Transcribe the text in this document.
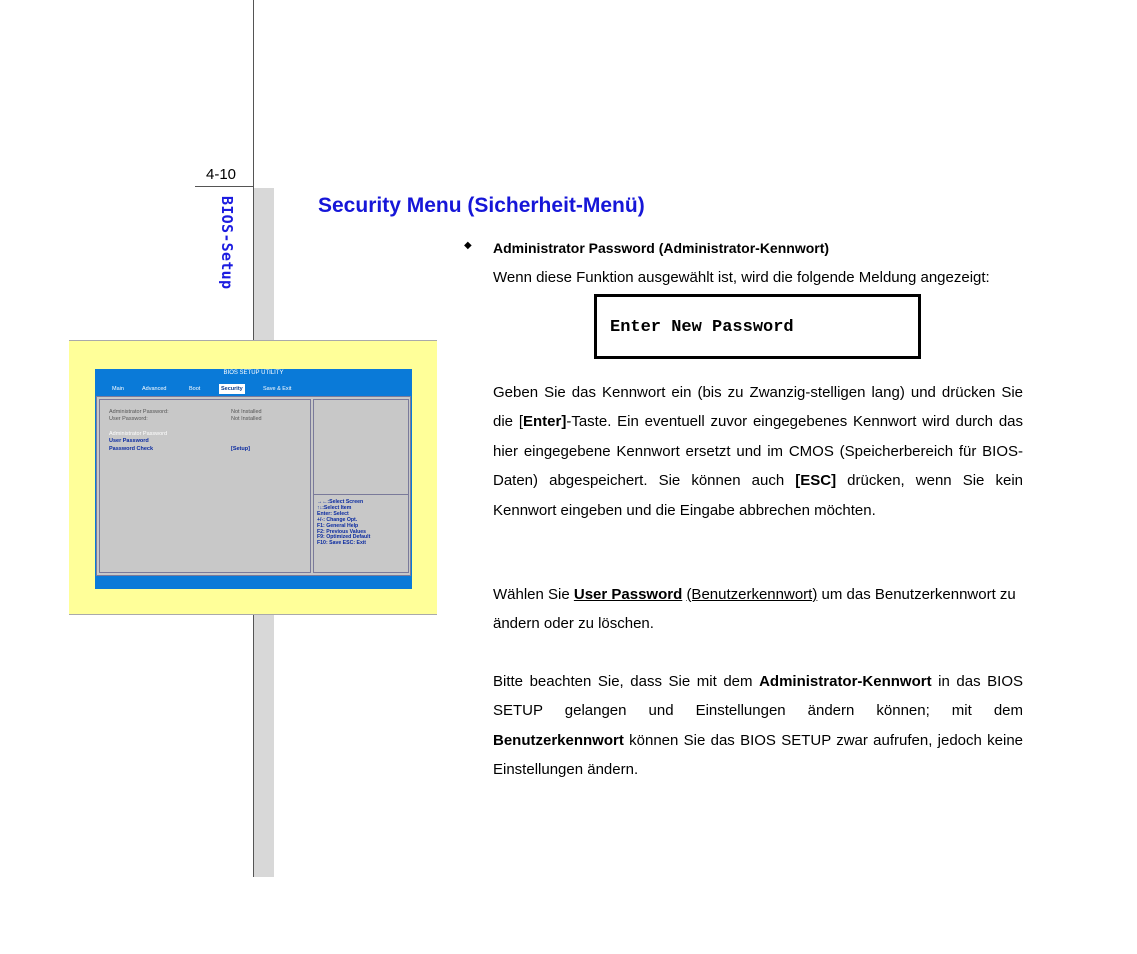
4-10
BIOS-Setup
BIOS SETUP UTILITY
Main	Advanced	Boot	Security	Save & Exit
Administrator Password:	Not Installed
User Password:	Not Installed
Administrator Password
User Password
Password Check	[Setup]
→←:Select Screen
↑↓:Select Item
Enter: Select
+/-: Change Opt.
F1: General Help
F2: Previous Values
F9: Optimized Default
F10: Save ESC: Exit
Security Menu (Sicherheit-Menü)
◆ Administrator Password (Administrator-Kennwort)
Wenn diese Funktion ausgewählt ist, wird die folgende Meldung angezeigt:
Enter New Password
Geben Sie das Kennwort ein (bis zu Zwanzig-stelligen lang) und drücken Sie die [Enter]-Taste. Ein eventuell zuvor eingegebenes Kennwort wird durch das hier eingegebene Kennwort ersetzt und im CMOS (Speicherbereich für BIOS-Daten) abgespeichert. Sie können auch [ESC] drücken, wenn Sie kein Kennwort eingeben und die Eingabe abbrechen möchten.
Wählen Sie User Password (Benutzerkennwort) um das Benutzerkennwort zu ändern oder zu löschen.
Bitte beachten Sie, dass Sie mit dem Administrator-Kennwort in das BIOS SETUP gelangen und Einstellungen ändern können; mit dem Benutzerkennwort können Sie das BIOS SETUP zwar aufrufen, jedoch keine Einstellungen ändern.
